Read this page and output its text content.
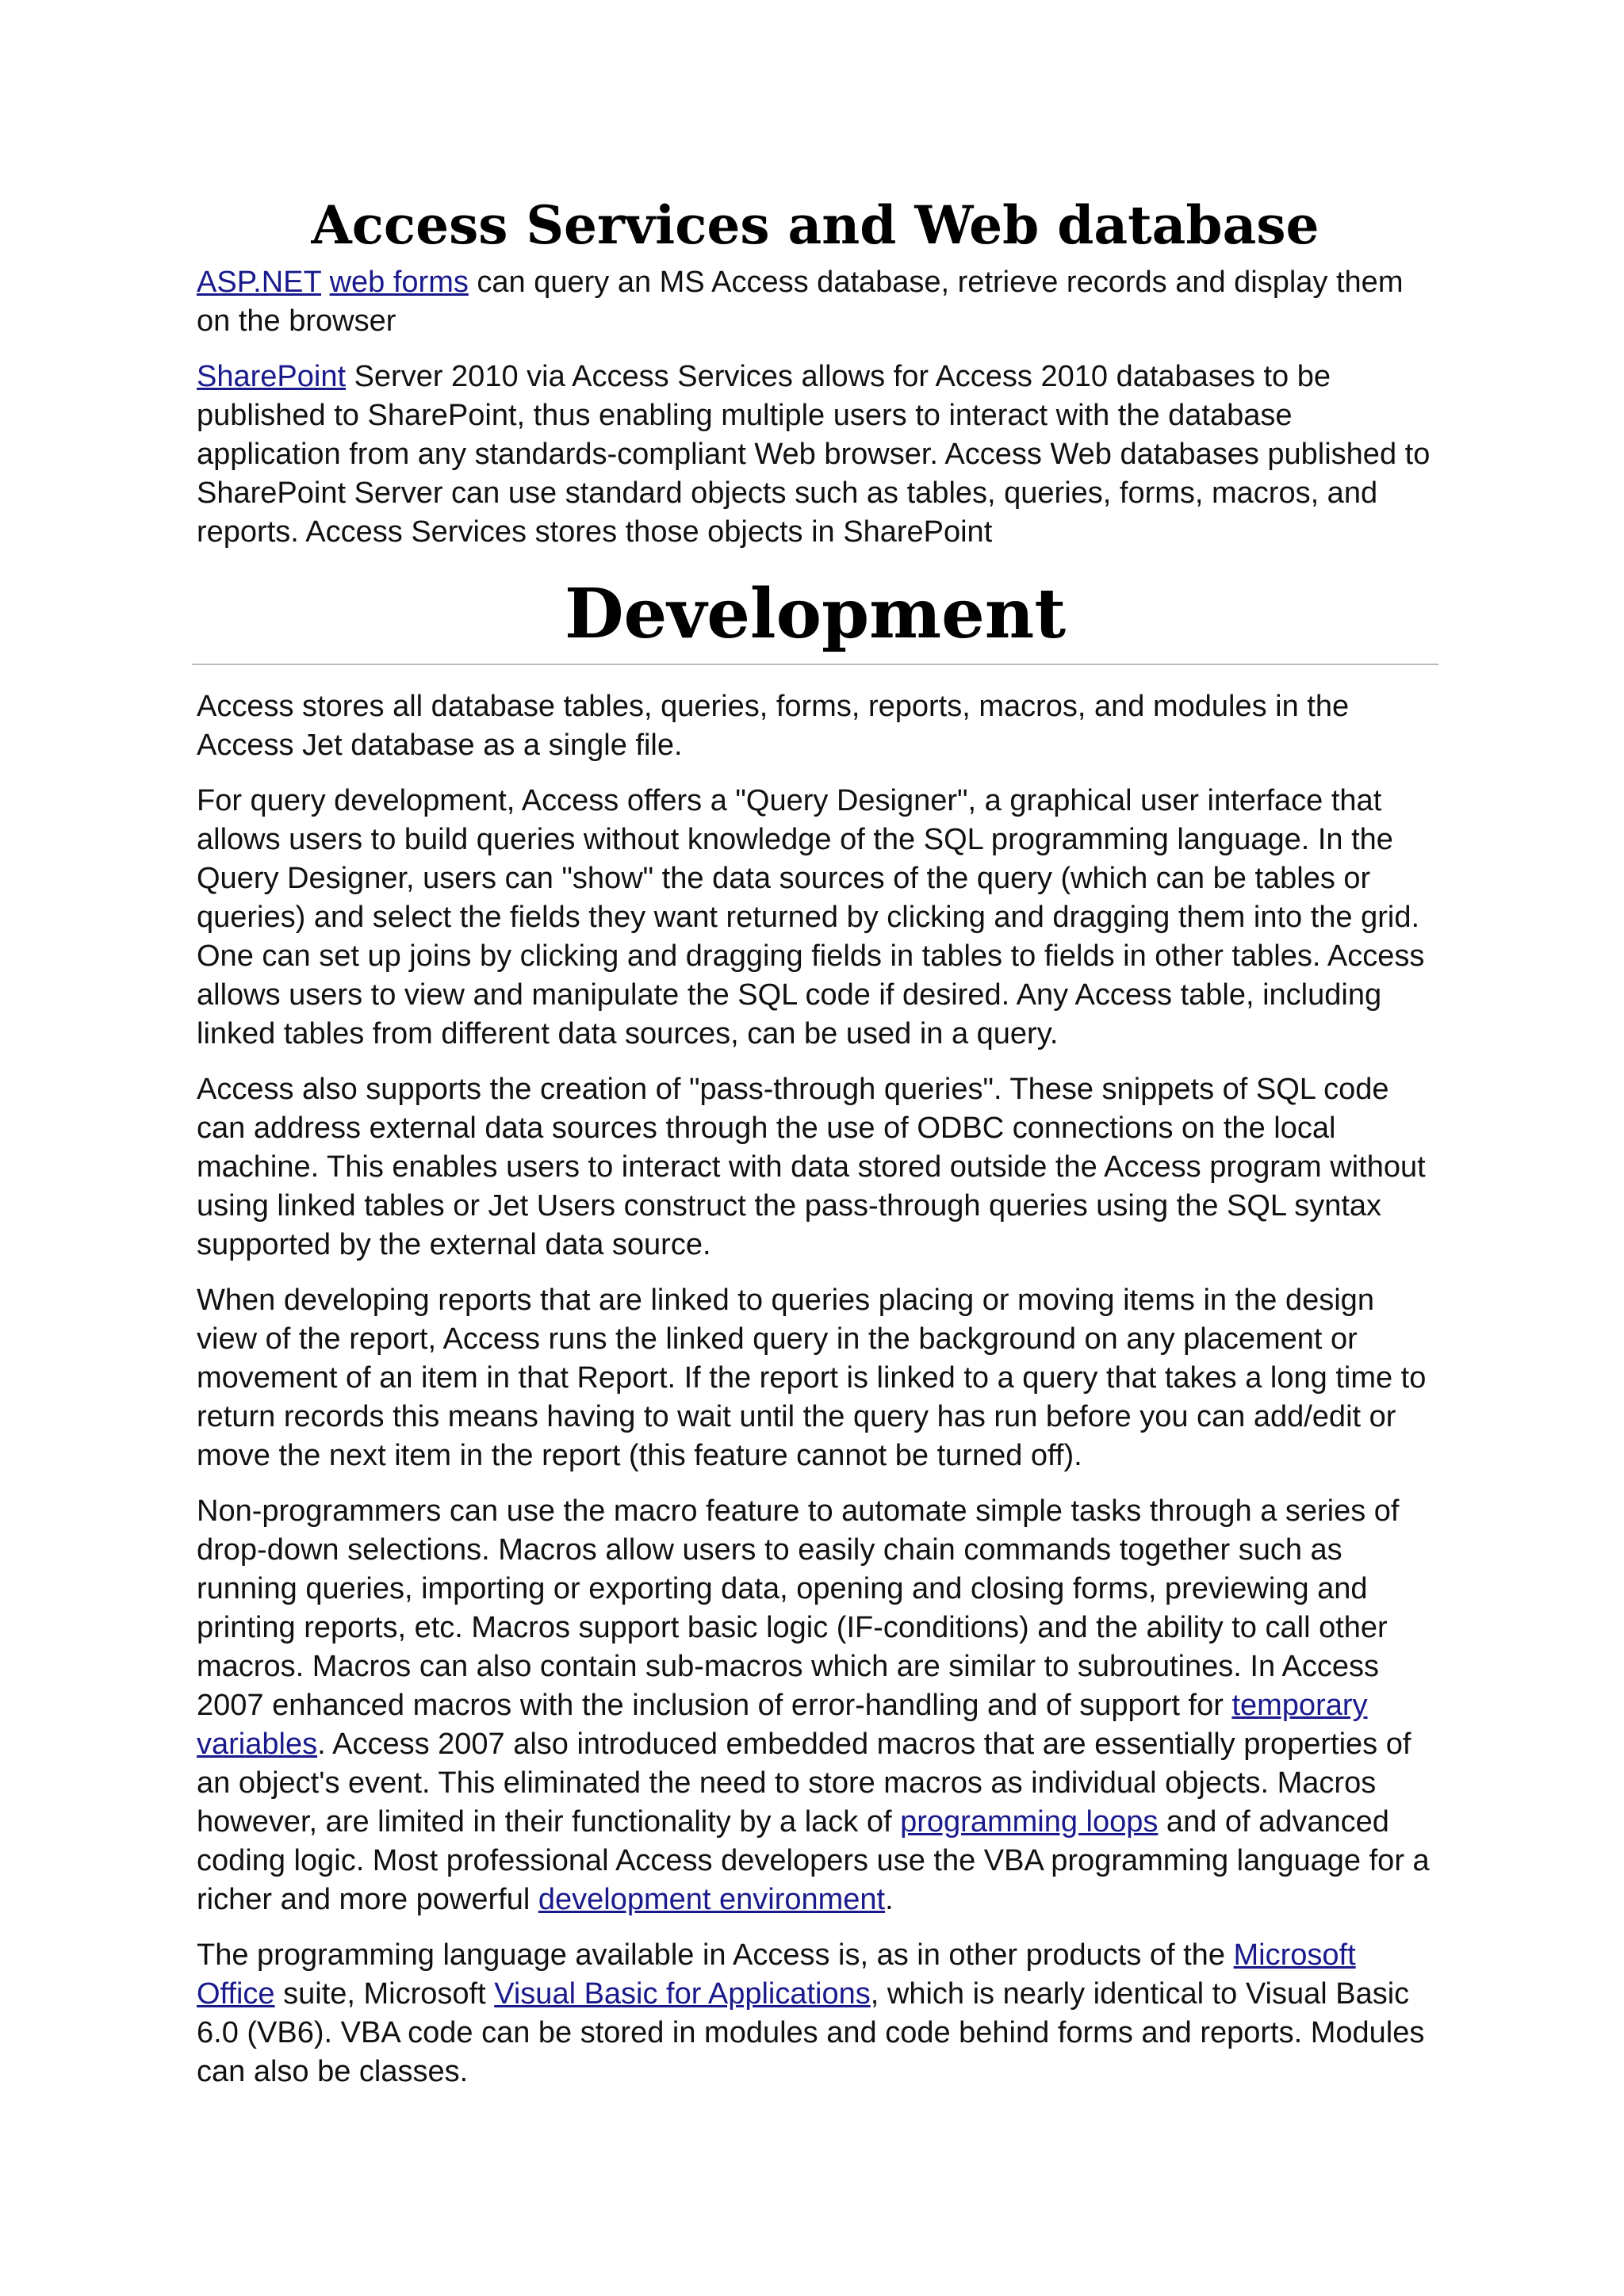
Access Services and Web database

ASP.NET web forms can query an MS Access database, retrieve records and display them on the browser

SharePoint Server 2010 via Access Services allows for Access 2010 databases to be published to SharePoint, thus enabling multiple users to interact with the database application from any standards-compliant Web browser. Access Web databases published to SharePoint Server can use standard objects such as tables, queries, forms, macros, and reports. Access Services stores those objects in SharePoint

Development

Access stores all database tables, queries, forms, reports, macros, and modules in the Access Jet database as a single file.

For query development, Access offers a "Query Designer", a graphical user interface that allows users to build queries without knowledge of the SQL programming language. In the Query Designer, users can "show" the data sources of the query (which can be tables or queries) and select the fields they want returned by clicking and dragging them into the grid. One can set up joins by clicking and dragging fields in tables to fields in other tables. Access allows users to view and manipulate the SQL code if desired. Any Access table, including linked tables from different data sources, can be used in a query.

Access also supports the creation of "pass-through queries". These snippets of SQL code can address external data sources through the use of ODBC connections on the local machine. This enables users to interact with data stored outside the Access program without using linked tables or Jet Users construct the pass-through queries using the SQL syntax supported by the external data source.

When developing reports that are linked to queries placing or moving items in the design view of the report, Access runs the linked query in the background on any placement or movement of an item in that Report. If the report is linked to a query that takes a long time to return records this means having to wait until the query has run before you can add/edit or move the next item in the report (this feature cannot be turned off).

Non-programmers can use the macro feature to automate simple tasks through a series of drop-down selections. Macros allow users to easily chain commands together such as running queries, importing or exporting data, opening and closing forms, previewing and printing reports, etc. Macros support basic logic (IF-conditions) and the ability to call other macros. Macros can also contain sub-macros which are similar to subroutines. In Access 2007 enhanced macros with the inclusion of error-handling and of support for temporary variables. Access 2007 also introduced embedded macros that are essentially properties of an object's event. This eliminated the need to store macros as individual objects. Macros however, are limited in their functionality by a lack of programming loops and of advanced coding logic. Most professional Access developers use the VBA programming language for a richer and more powerful development environment.

The programming language available in Access is, as in other products of the Microsoft Office suite, Microsoft Visual Basic for Applications, which is nearly identical to Visual Basic 6.0 (VB6). VBA code can be stored in modules and code behind forms and reports. Modules can also be classes.
